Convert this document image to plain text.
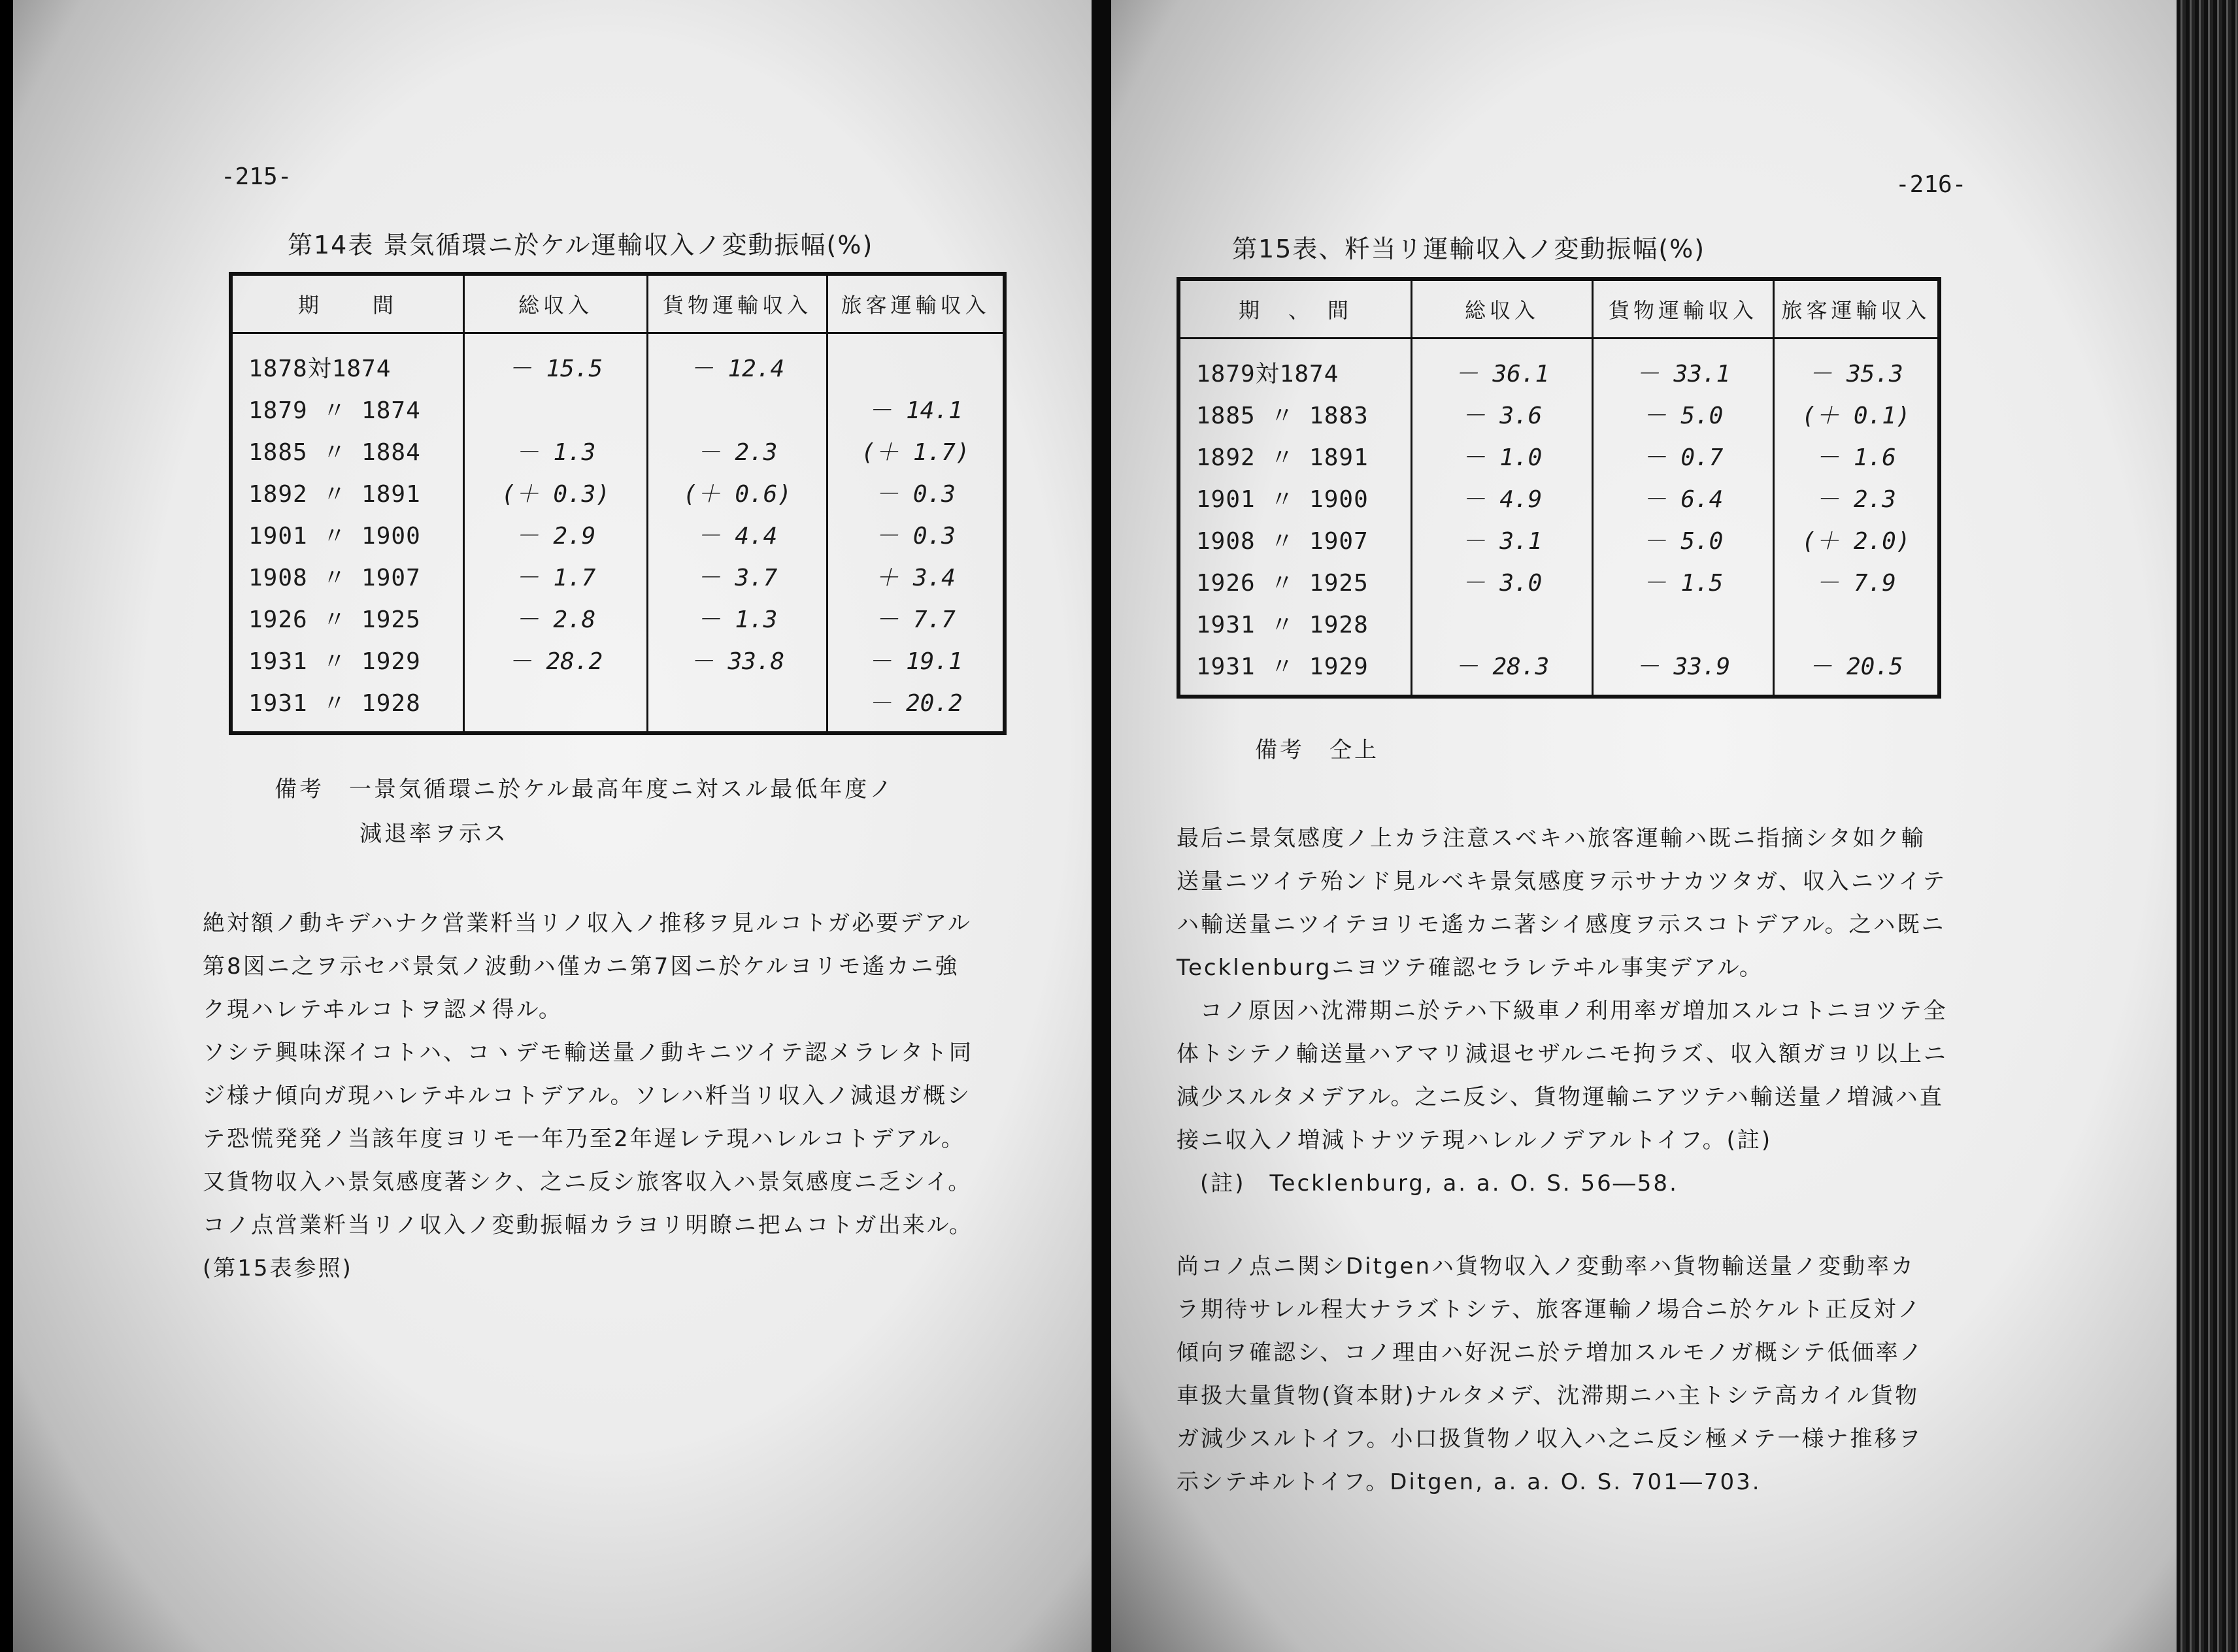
-215-
第14表 景気循環ニ於ケル運輸収入ノ変動振幅(%)
期　　間	総収入	貨物運輸収入	旅客運輸収入
1878対1874	－ 15.5	－ 12.4	
1879 〃 1874			－ 14.1
1885 〃 1884	－ 1.3	－ 2.3	(＋ 1.7)
1892 〃 1891	(＋ 0.3)	(＋ 0.6)	－ 0.3
1901 〃 1900	－ 2.9	－ 4.4	－ 0.3
1908 〃 1907	－ 1.7	－ 3.7	＋ 3.4
1926 〃 1925	－ 2.8	－ 1.3	－ 7.7
1931 〃 1929	－ 28.2	－ 33.8	－ 19.1
1931 〃 1928			－ 20.2
備考　一景気循環ニ於ケル最高年度ニ対スル最低年度ノ
減退率ヲ示ス

絶対額ノ動キデハナク営業粁当リノ収入ノ推移ヲ見ルコトガ必要デアル

第8図ニ之ヲ示セバ景気ノ波動ハ僅カニ第7図ニ於ケルヨリモ遙カニ強

ク現ハレテヰルコトヲ認メ得ル。

ソシテ興味深イコトハ、コヽデモ輸送量ノ動キニツイテ認メラレタト同

ジ様ナ傾向ガ現ハレテヰルコトデアル。ソレハ粁当リ収入ノ減退ガ概シ

テ恐慌発発ノ当該年度ヨリモ一年乃至2年遅レテ現ハレルコトデアル。

又貨物収入ハ景気感度著シク、之ニ反シ旅客収入ハ景気感度ニ乏シイ。

コノ点営業粁当リノ収入ノ変動振幅カラヨリ明瞭ニ把ムコトガ出来ル。

(第15表参照)

-216-
第15表、粁当リ運輸収入ノ変動振幅(%)
期　、　間	総収入	貨物運輸収入	旅客運輸収入
1879対1874	－ 36.1	－ 33.1	－ 35.3
1885 〃 1883	－ 3.6	－ 5.0	(＋ 0.1)
1892 〃 1891	－ 1.0	－ 0.7	－ 1.6
1901 〃 1900	－ 4.9	－ 6.4	－ 2.3
1908 〃 1907	－ 3.1	－ 5.0	(＋ 2.0)
1926 〃 1925	－ 3.0	－ 1.5	－ 7.9
1931 〃 1928			
1931 〃 1929	－ 28.3	－ 33.9	－ 20.5
備考　仝上

最后ニ景気感度ノ上カラ注意スベキハ旅客運輸ハ既ニ指摘シタ如ク輸

送量ニツイテ殆ンド見ルベキ景気感度ヲ示サナカツタガ、収入ニツイテ

ハ輸送量ニツイテヨリモ遙カニ著シイ感度ヲ示スコトデアル。之ハ既ニ

Tecklenburgニヨツテ確認セラレテヰル事実デアル。

コノ原因ハ沈滞期ニ於テハ下級車ノ利用率ガ増加スルコトニヨツテ全

体トシテノ輸送量ハアマリ減退セザルニモ拘ラズ、収入額ガヨリ以上ニ

減少スルタメデアル。之ニ反シ、貨物運輸ニアツテハ輸送量ノ増減ハ直

接ニ収入ノ増減トナツテ現ハレルノデアルトイフ。(註)

(註)　Tecklenburg, a. a. O. S. 56―58.

尚コノ点ニ関シDitgenハ貨物収入ノ変動率ハ貨物輸送量ノ変動率カ

ラ期待サレル程大ナラズトシテ、旅客運輸ノ場合ニ於ケルト正反対ノ

傾向ヲ確認シ、コノ理由ハ好況ニ於テ増加スルモノガ概シテ低価率ノ

車扱大量貨物(資本財)ナルタメデ、沈滞期ニハ主トシテ高カイル貨物

ガ減少スルトイフ。小口扱貨物ノ収入ハ之ニ反シ極メテ一様ナ推移ヲ

示シテヰルトイフ。Ditgen, a. a. O. S. 701―703.
